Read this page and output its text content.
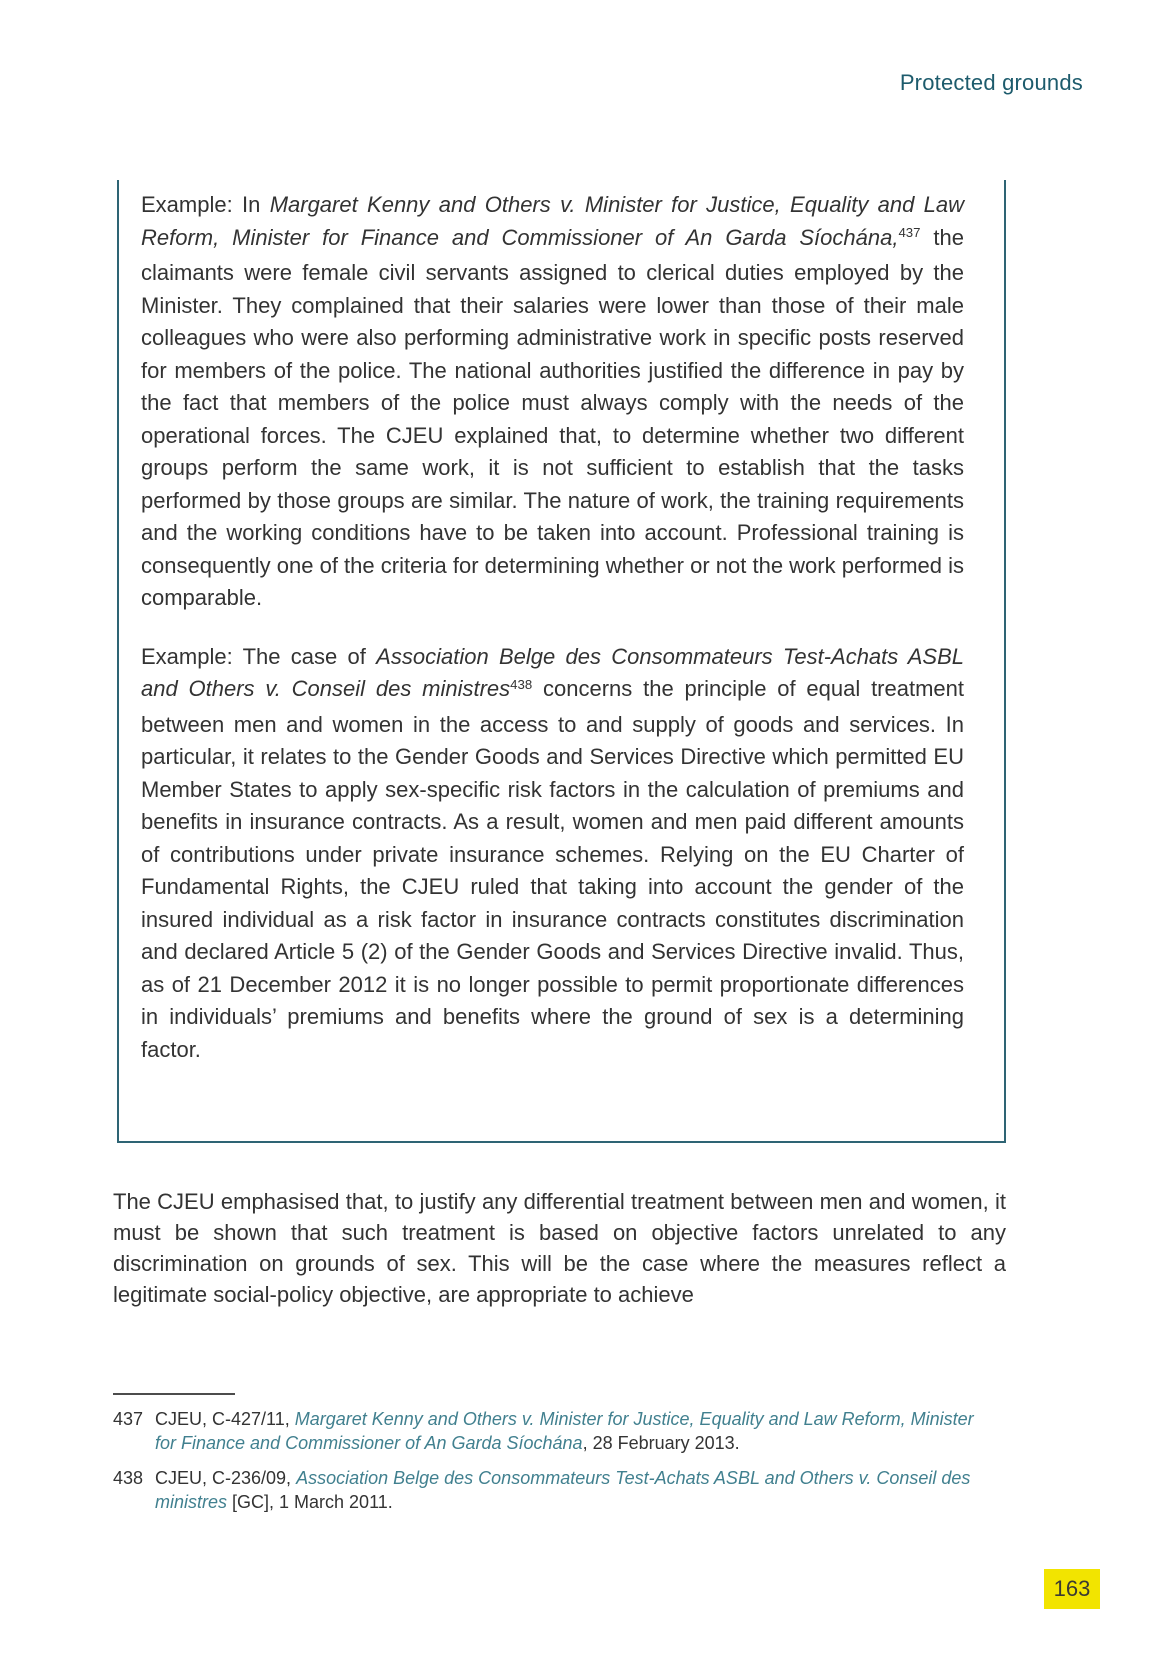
Protected grounds

Example: In Margaret Kenny and Others v. Minister for Justice, Equality and Law Reform, Minister for Finance and Commissioner of An Garda Síochána,$^{437}$ the claimants were female civil servants assigned to clerical duties employed by the Minister. They complained that their salaries were lower than those of their male colleagues who were also performing administrative work in specific posts reserved for members of the police. The national authorities justified the difference in pay by the fact that members of the police must always comply with the needs of the operational forces. The CJEU explained that, to determine whether two different groups perform the same work, it is not sufficient to establish that the tasks performed by those groups are similar. The nature of work, the training requirements and the working conditions have to be taken into account. Professional training is consequently one of the criteria for determining whether or not the work performed is comparable.

Example: The case of Association Belge des Consommateurs Test-Achats ASBL and Others v. Conseil des ministres$^{438}$ concerns the principle of equal treatment between men and women in the access to and supply of goods and services. In particular, it relates to the Gender Goods and Services Directive which permitted EU Member States to apply sex-specific risk factors in the calculation of premiums and benefits in insurance contracts. As a result, women and men paid different amounts of contributions under private insurance schemes. Relying on the EU Charter of Fundamental Rights, the CJEU ruled that taking into account the gender of the insured individual as a risk factor in insurance contracts constitutes discrimination and declared Article 5 (2) of the Gender Goods and Services Directive invalid. Thus, as of 21 December 2012 it is no longer possible to permit proportionate differences in individuals’ premiums and benefits where the ground of sex is a determining factor.

The CJEU emphasised that, to justify any differential treatment between men and women, it must be shown that such treatment is based on objective factors unrelated to any discrimination on grounds of sex. This will be the case where the measures reflect a legitimate social-policy objective, are appropriate to achieve
437 CJEU, C-427/11, Margaret Kenny and Others v. Minister for Justice, Equality and Law Reform, Minister for Finance and Commissioner of An Garda Síochána, 28 February 2013.
438 CJEU, C-236/09, Association Belge des Consommateurs Test-Achats ASBL and Others v. Conseil des ministres [GC], 1 March 2011.
163
